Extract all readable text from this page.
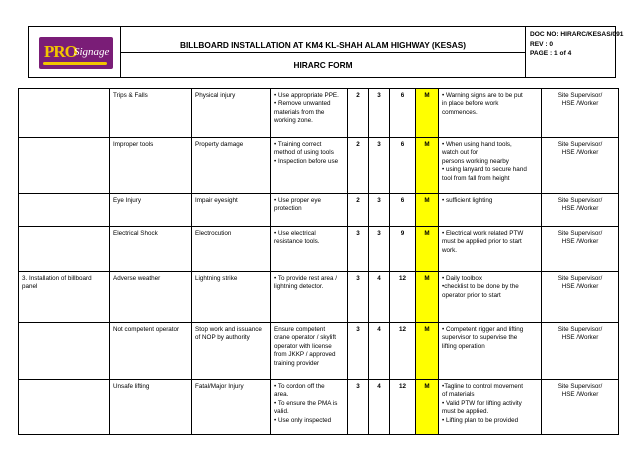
PRO
Signage
BILLBOARD INSTALLATION AT KM4 KL-SHAH ALAM HIGHWAY (KESAS)
HIRARC FORM
DOC NO: HIRARC/KESAS/091
REV : 0
PAGE : 1 of 4
	Trips & Falls	Physical injury	• Use appropriate PPE.
• Remove unwanted
materials from the
working zone.	2	3	6	M	• Warning signs are to be put
in place before work
commences.	Site Supervisor/
HSE /Worker

	Improper tools	Property damage	• Training correct
method of using tools
• Inspection before use	2	3	6	M	• When using hand tools,
watch out for
persons working nearby
• using lanyard to secure hand
tool from fall from height	Site Supervisor/
HSE /Worker

	Eye Injury	Impair eyesight	• Use proper eye
protection	2	3	6	M	• sufficient lighting	Site Supervisor/
HSE /Worker

	Electrical Shock	Electrocution	• Use electrical
resistance tools.	3	3	9	M	• Electrical work related PTW
must be applied prior to start
work.	Site Supervisor/
HSE /Worker

3. Installation of billboard panel	Adverse weather	Lightning strike	• To provide rest area /
lightning detector.	3	4	12	M	• Daily toolbox
•checklist to be done by the
operator prior to start	Site Supervisor/
HSE /Worker

	Not competent operator	Stop work and issuance of NOP by authority	Ensure competent
crane operator / skylift
operator with license
from JKKP / approved
training provider	3	4	12	M	• Competent rigger and lifting
supervisor to supervise the
lifting operation	Site Supervisor/
HSE /Worker

	Unsafe lifting	Fatal/Major Injury	• To cordon off the
area.
• To ensure the PMA is
valid.
• Use only inspected	3	4	12	M	•Tagline to control movement
of materials
• Valid PTW for lifting activity
must be applied.
• Lifting plan to be provided	Site Supervisor/
HSE /Worker
